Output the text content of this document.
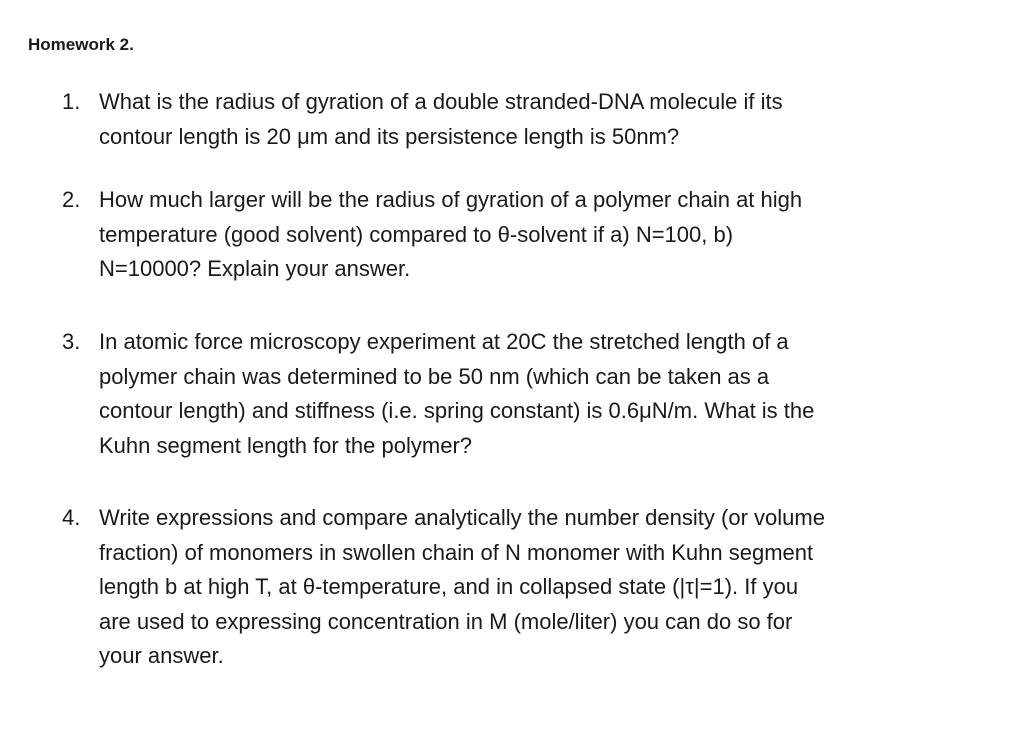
Homework 2.
1. What is the radius of gyration of a double stranded-DNA molecule if its
contour length is 20 μm and its persistence length is 50nm?
2. How much larger will be the radius of gyration of a polymer chain at high
temperature (good solvent) compared to θ-solvent if a) N=100, b)
N=10000? Explain your answer.
3. In atomic force microscopy experiment at 20C the stretched length of a
polymer chain was determined to be 50 nm (which can be taken as a
contour length) and stiffness (i.e. spring constant) is 0.6μN/m. What is the
Kuhn segment length for the polymer?
4. Write expressions and compare analytically the number density (or volume
fraction) of monomers in swollen chain of N monomer with Kuhn segment
length b at high T, at θ-temperature, and in collapsed state (|τ|=1). If you
are used to expressing concentration in M (mole/liter) you can do so for
your answer.
